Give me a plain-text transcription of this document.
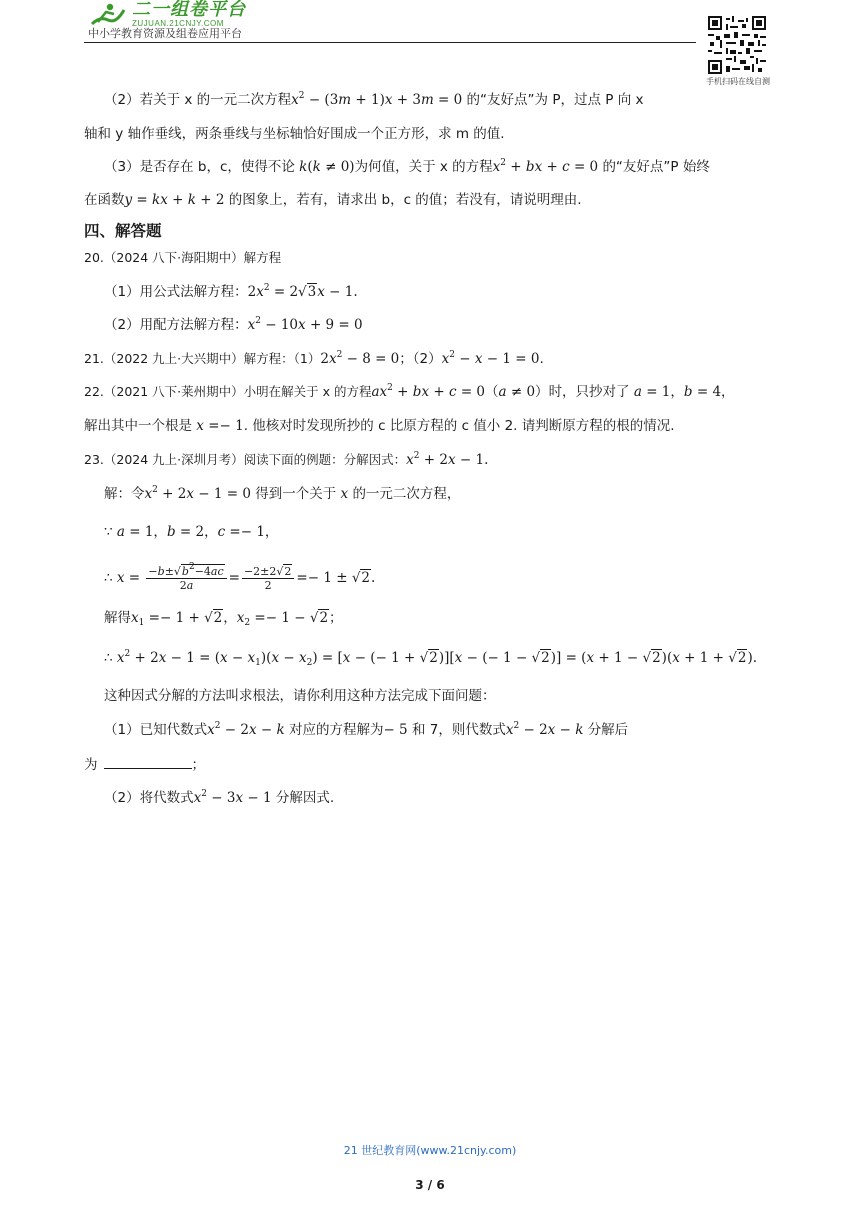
二一组卷平台
ZUJUAN.21CNJY.COM
中小学教育资源及组卷应用平台
手机扫码在线自测
（2）若关于 x 的一元二次方程$x^2 - (3m + 1)x + 3m = 0$ 的“友好点”为 P，过点 P 向 x
轴和 y 轴作垂线，两条垂线与坐标轴恰好围成一个正方形，求 m 的值.
（3）是否存在 b，c，使得不论 k(k ≠ 0)为何值，关于 x 的方程$x^2$ + bx + c = 0 的“友好点”P 始终
在函数y = kx + k + 2 的图象上，若有，请求出 b，c 的值；若没有，请说明理由.
四、解答题
20.（2024 八下·海阳期中）解方程
（1）用公式法解方程：$2x^2 = 2√3x - 1$.
（2）用配方法解方程：$x^2 - 10x + 9 = 0$
21.（2022 九上·大兴期中）解方程：$(1)2x^2 - 8 = 0$；$(2)x^2 - x - 1 = 0$.
22.（2021 八下·莱州期中）小明在解关于 x 的方程$ax^2$ + bx + c = 0（a ≠ 0）时，只抄对了 a = 1，b = 4，
解出其中一个根是 x =− 1. 他核对时发现所抄的 c 比原方程的 c 值小 2. 请判断原方程的根的情况.
23.（2024 九上·深圳月考）阅读下面的例题：分解因式：$x^2 + 2x - 1$.
解：令$x^2 + 2x - 1 = 0$ 得到一个关于 x 的一元二次方程，
∵ a = 1，b = 2，c =− 1，
∴ $x = \frac{-b\pm√b^2-4ac}{2a} = \frac{-2\pm 2√2}{2} =- 1 \pm √2$.
解得$x_1 =- 1 + √2$，$x_2 =- 1 - √2$；
∴ $x^2 + 2x - 1 = (x - x_1)(x - x_2) = [x$ − (− 1 + √2)][x − (− 1 − √2)] = (x + 1 − √2)(x + 1 + √2).
这种因式分解的方法叫求根法，请你利用这种方法完成下面问题：
（1）已知代数式$x^2 - 2x - k$ 对应的方程解为− 5 和 7，则代数式$x^2 - 2x - k$ 分解后
为	；
（2）将代数式$x^2 - 3x - 1$ 分解因式.
21 世纪教育网(www.21cnjy.com)
3 / 6
